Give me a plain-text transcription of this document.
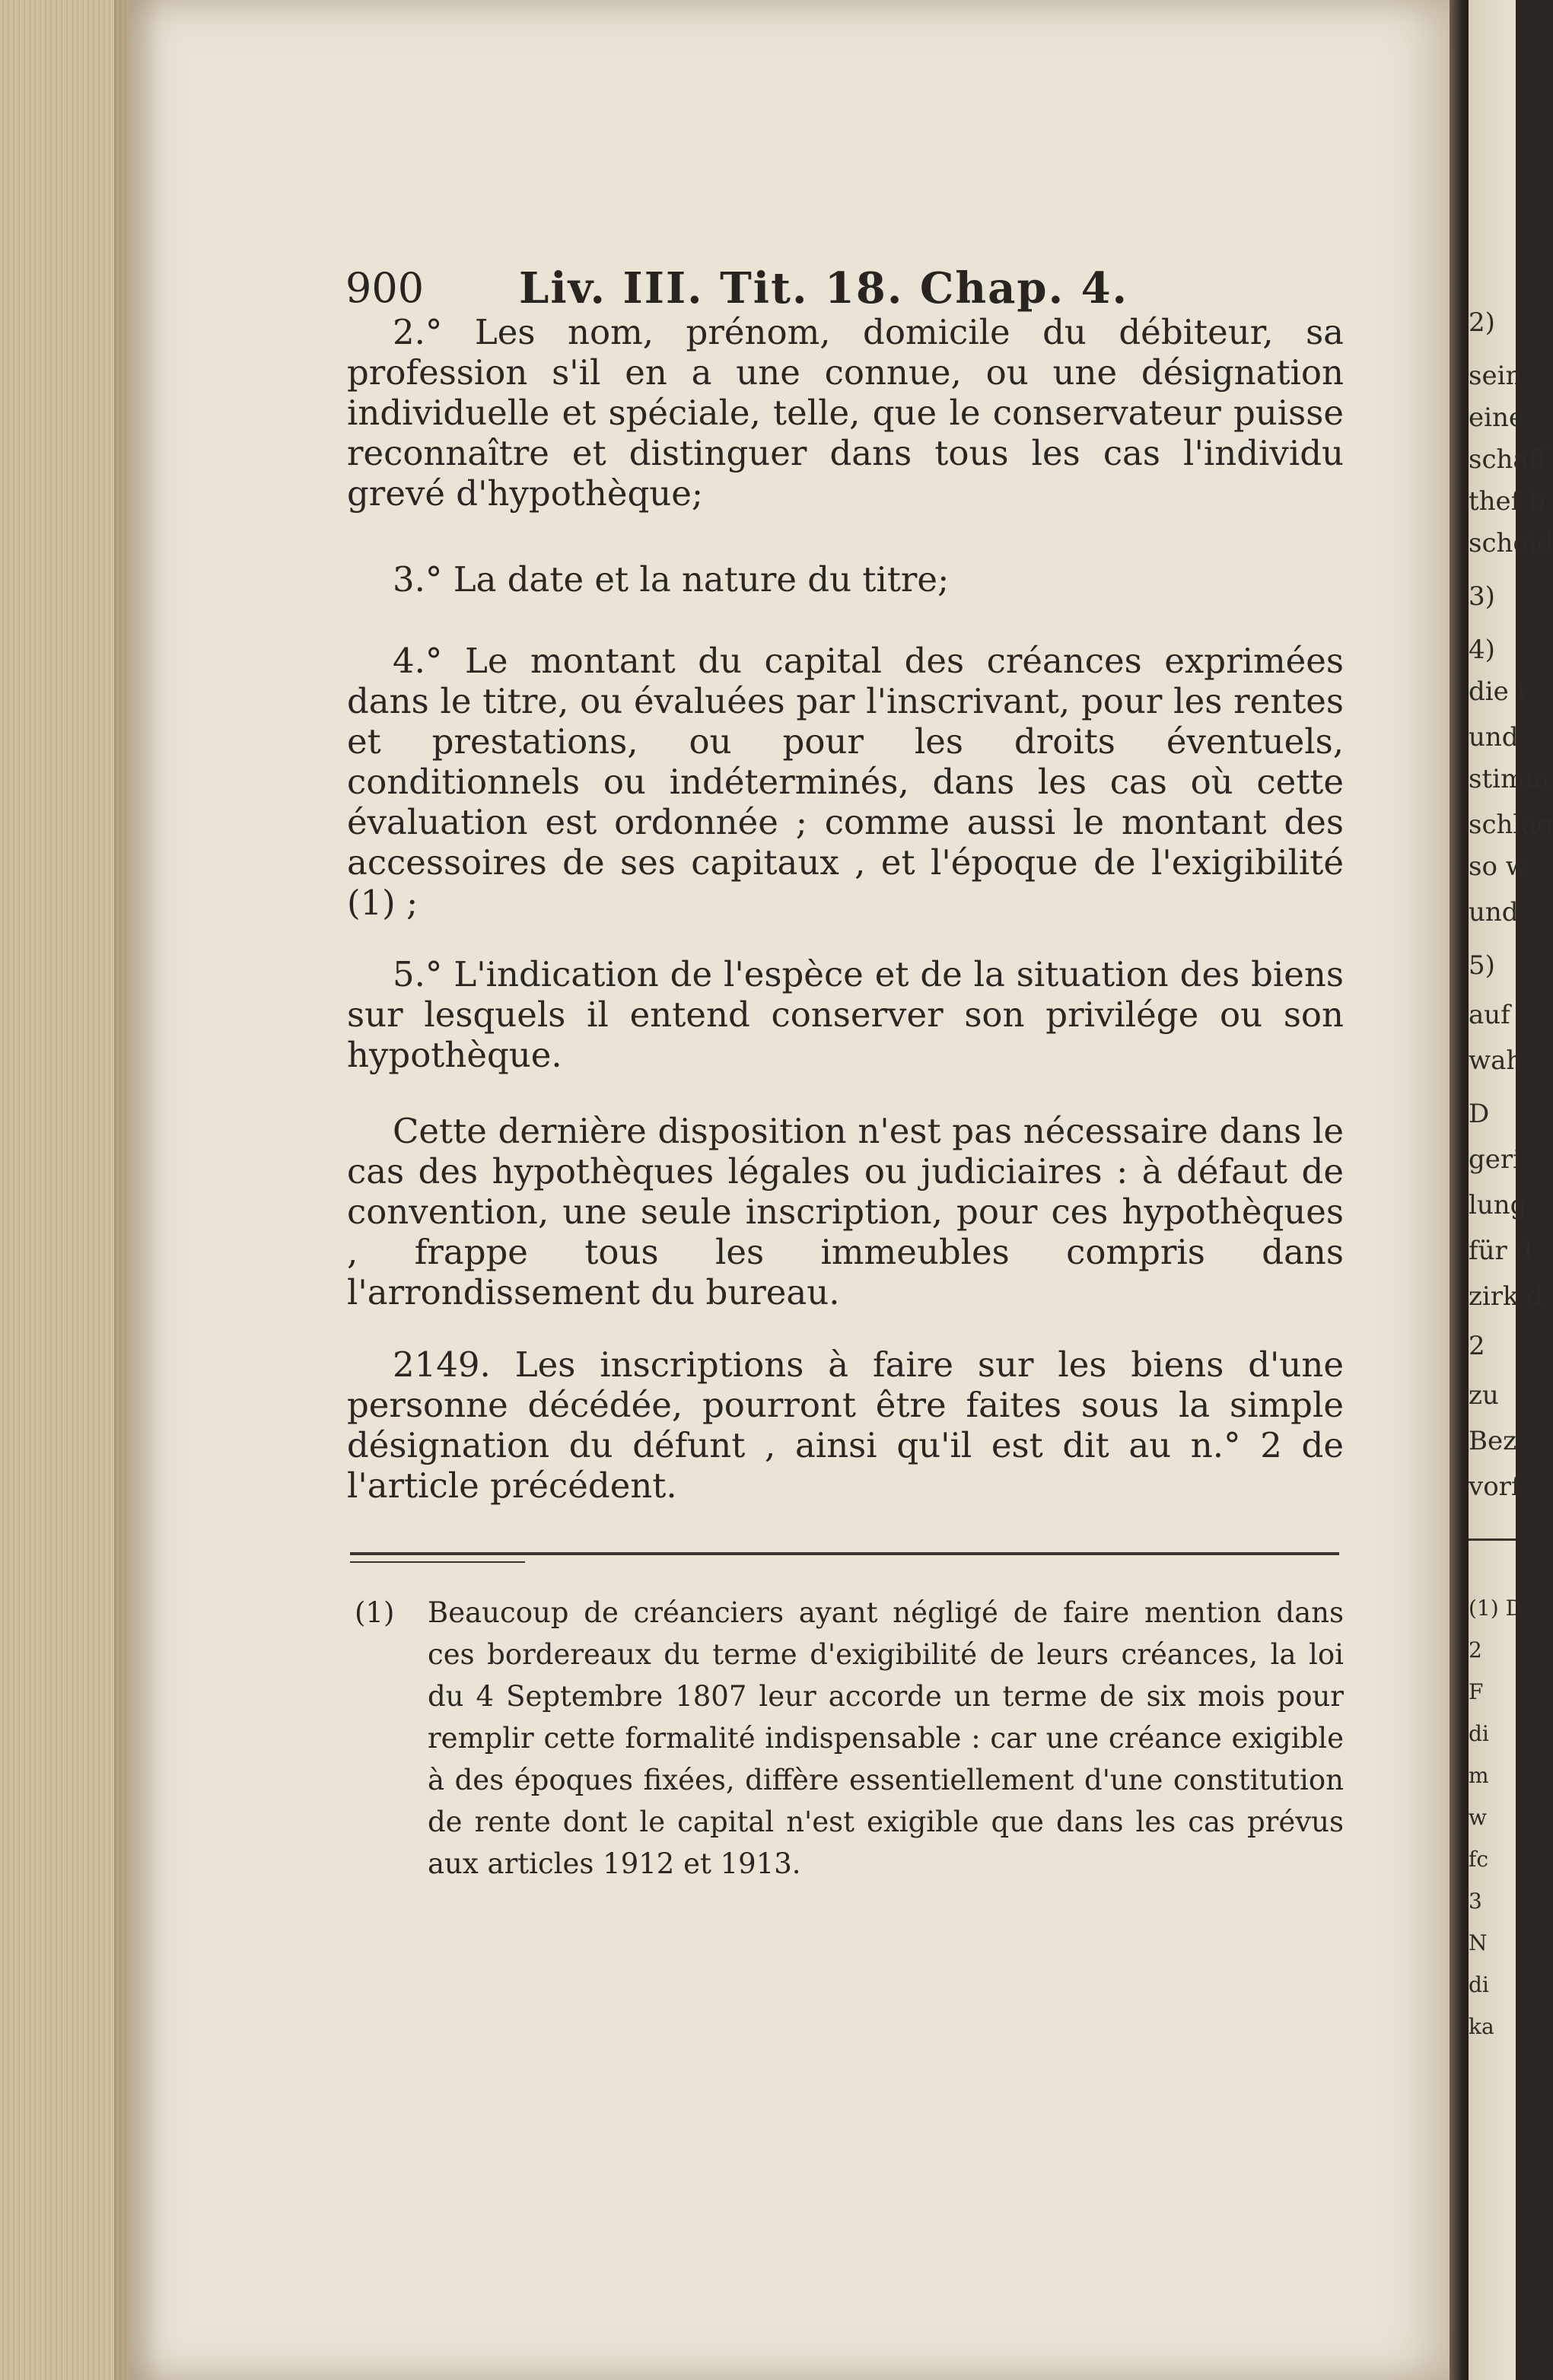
900 Liv. III. Tit. 18. Chap. 4.

2.° Les nom, prénom, domicile du débiteur, sa profession s'il en a une connue, ou une désignation individuelle et spéciale, telle, que le conservateur puisse reconnaître et distinguer dans tous les cas l'individu grevé d'hypothèque;

3.° La date et la nature du titre;

4.° Le montant du capital des créances exprimées dans le titre, ou évaluées par l'inscrivant, pour les rentes et prestations, ou pour les droits éventuels, conditionnels ou indéterminés, dans les cas où cette évaluation est ordonnée ; comme aussi le montant des accessoires de ses capitaux , et l'époque de l'exigibilité (1) ;

5.° L'indication de l'espèce et de la situation des biens sur lesquels il entend conserver son privilége ou son hypothèque.

Cette dernière disposition n'est pas nécessaire dans le cas des hypothèques légales ou judiciaires : à défaut de convention, une seule inscription, pour ces hypothèques , frappe tous les immeubles compris dans l'arrondissement du bureau.

2149. Les inscriptions à faire sur les biens d'une personne décédée, pourront être faites sous la simple désignation du défunt , ainsi qu'il est dit au n.° 2 de l'article précédent.

(1) Beaucoup de créanciers ayant négligé de faire mention dans ces bordereaux du terme d'exigibilité de leurs créances, la loi du 4 Septembre 1807 leur accorde un terme de six mois pour remplir cette formalité indispensable : car une créance exigible à des époques fixées, diffère essentiellement d'une constitution de rente dont le capital n'est exigible que dans les cas prévus aux articles 1912 et 1913.

2)
sein
eine
schaff
thef b
scheid
3)
4)
die i
und
stimm
schlag
so w
und
5)
auf
wah
D
geri
lung
für d
zirk d
2
zu
Bez
vorf
(1) D
2
F
di
m
w
fc
3
N
di
ka
